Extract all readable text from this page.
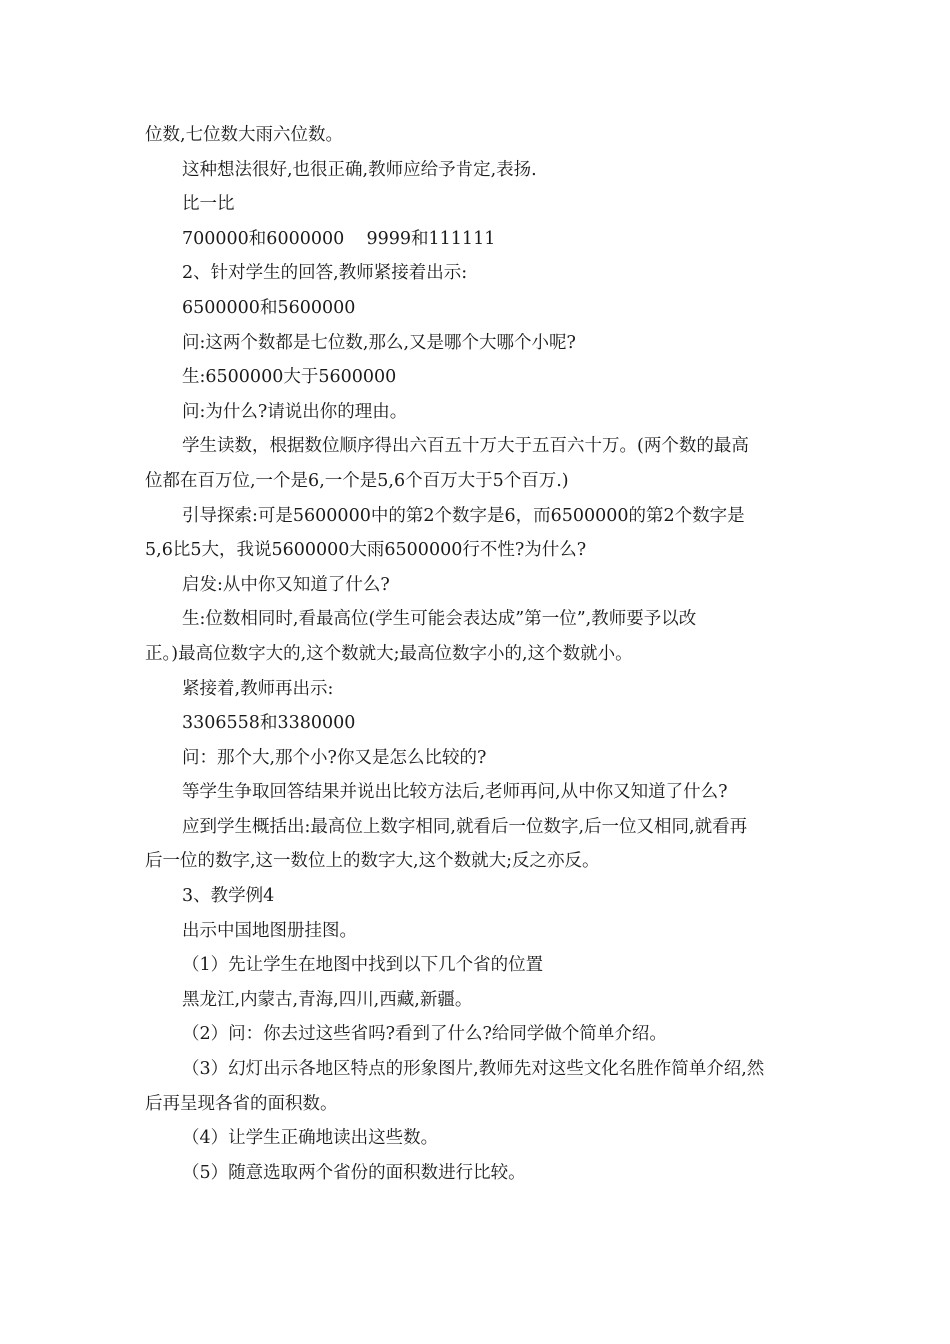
位数,七位数大雨六位数。
这种想法很好,也很正确,教师应给予肯定,表扬.
比一比
700000和6000000    9999和111111
2、针对学生的回答,教师紧接着出示:
6500000和5600000
问:这两个数都是七位数,那么,又是哪个大哪个小呢?
生:6500000大于5600000
问:为什么?请说出你的理由。
学生读数，根据数位顺序得出六百五十万大于五百六十万。(两个数的最高
位都在百万位,一个是6,一个是5,6个百万大于5个百万.)
引导探索:可是5600000中的第2个数字是6，而6500000的第2个数字是
5,6比5大，我说5600000大雨6500000行不性?为什么?
启发:从中你又知道了什么?
生:位数相同时,看最高位(学生可能会表达成”第一位”,教师要予以改
正。)最高位数字大的,这个数就大;最高位数字小的,这个数就小。
紧接着,教师再出示:
3306558和3380000
问：那个大,那个小?你又是怎么比较的?
等学生争取回答结果并说出比较方法后,老师再问,从中你又知道了什么?
应到学生概括出:最高位上数字相同,就看后一位数字,后一位又相同,就看再
后一位的数字,这一数位上的数字大,这个数就大;反之亦反。
3、教学例4
出示中国地图册挂图。
（1）先让学生在地图中找到以下几个省的位置
黑龙江,内蒙古,青海,四川,西藏,新疆。
（2）问：你去过这些省吗?看到了什么?给同学做个简单介绍。
（3）幻灯出示各地区特点的形象图片,教师先对这些文化名胜作简单介绍,然
后再呈现各省的面积数。
（4）让学生正确地读出这些数。
（5）随意选取两个省份的面积数进行比较。
